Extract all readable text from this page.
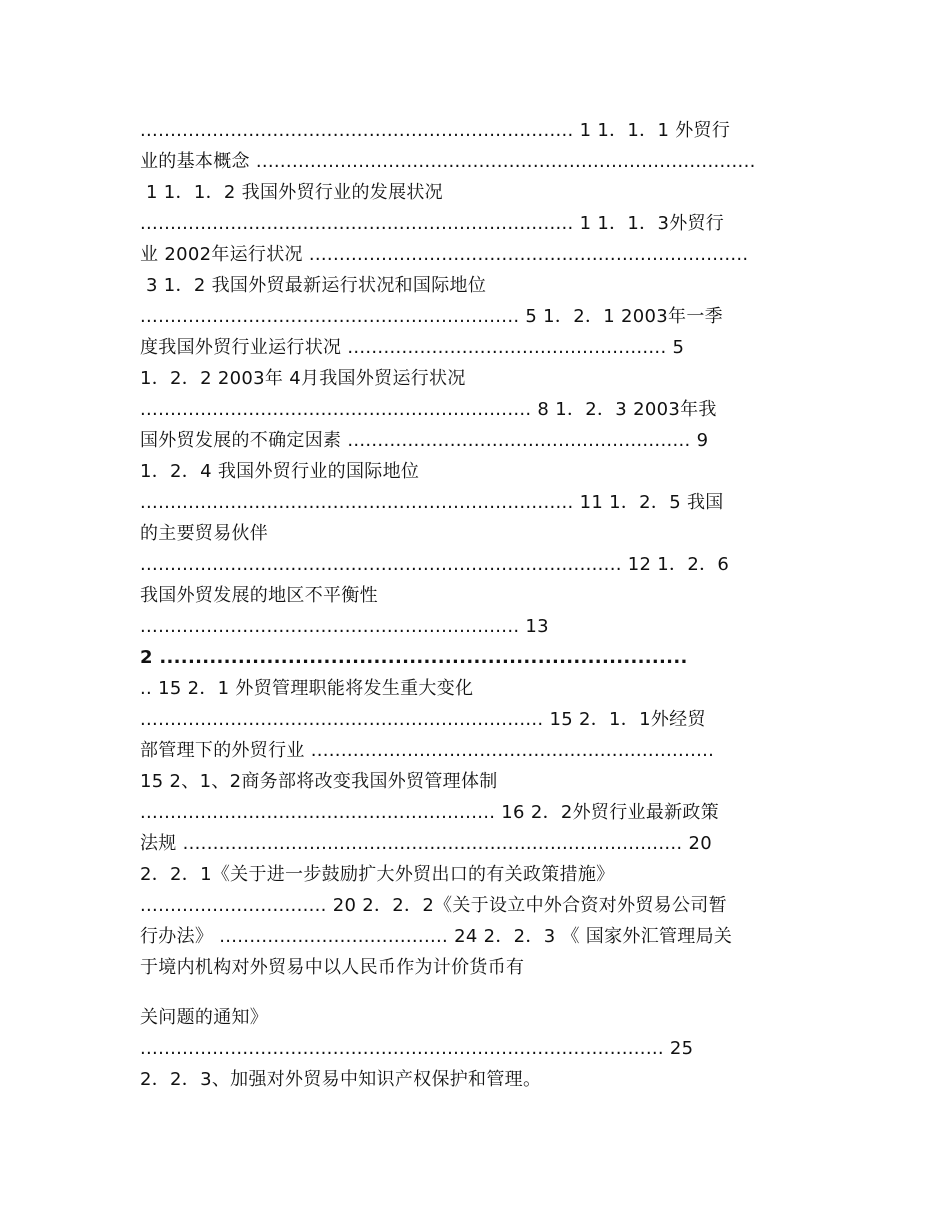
........................................................................ 1 1．1．1 外贸行
业的基本概念 ...................................................................................
1 1．1．2 我国外贸行业的发展状况
........................................................................ 1 1．1．3外贸行
业 2002年运行状况 .........................................................................
3 1．2 我国外贸最新运行状况和国际地位
............................................................... 5 1．2．1 2003年一季
度我国外贸行业运行状况 ..................................................... 5
1．2．2 2003年 4月我国外贸运行状况
................................................................. 8 1．2．3 2003年我
国外贸发展的不确定因素 ......................................................... 9
1．2．4 我国外贸行业的国际地位
........................................................................ 11 1．2．5 我国
的主要贸易伙伴
................................................................................ 12 1．2．6
我国外贸发展的地区不平衡性
............................................................... 13
2 ..........................................................................
.. 15 2．1 外贸管理职能将发生重大变化
................................................................... 15 2．1．1外经贸
部管理下的外贸行业 ...................................................................
15 2、1、2商务部将改变我国外贸管理体制
........................................................... 16 2．2外贸行业最新政策
法规 ................................................................................... 20
2．2．1《关于进一步鼓励扩大外贸出口的有关政策措施》
............................... 20 2．2．2《关于设立中外合资对外贸易公司暂
行办法》 ...................................... 24 2．2．3 《 国家外汇管理局关
于境内机构对外贸易中以人民币作为计价货币有
关问题的通知》
....................................................................................... 25
2．2．3、加强对外贸易中知识产权保护和管理。
